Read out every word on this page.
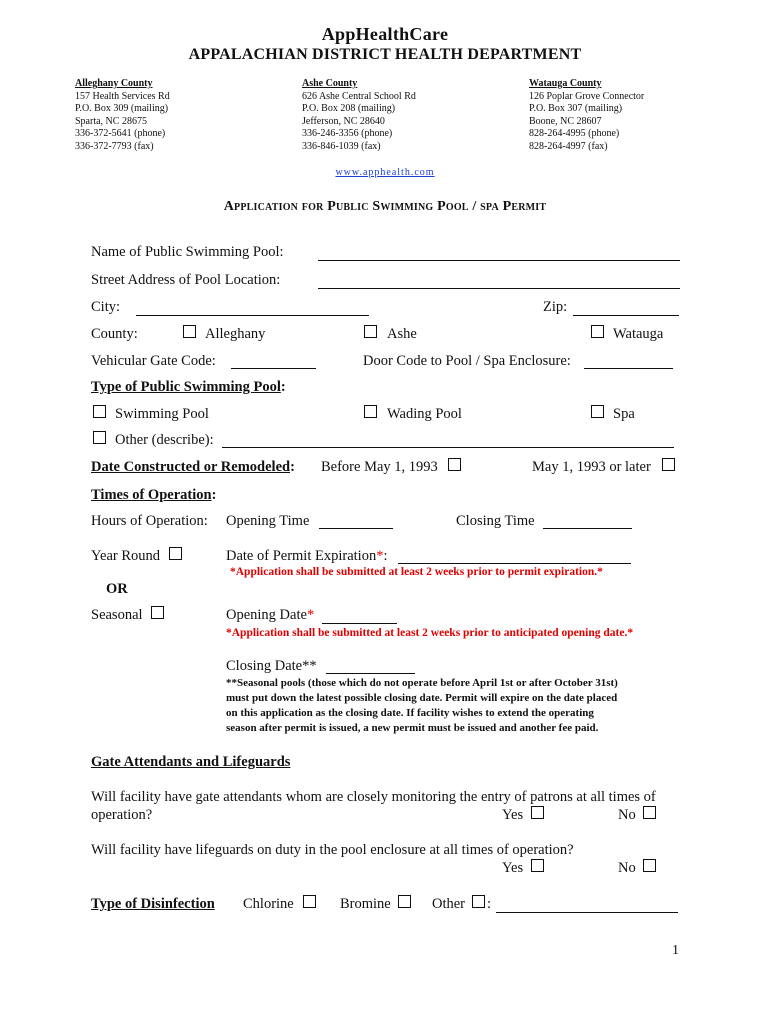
AppHealthCare
APPALACHIAN DISTRICT HEALTH DEPARTMENT
Alleghany County
157 Health Services Rd
P.O. Box 309 (mailing)
Sparta, NC 28675
336-372-5641 (phone)
336-372-7793 (fax)
Ashe County
626 Ashe Central School Rd
P.O. Box 208 (mailing)
Jefferson, NC 28640
336-246-3356 (phone)
336-846-1039 (fax)
Watauga County
126 Poplar Grove Connector
P.O. Box 307 (mailing)
Boone, NC 28607
828-264-4995 (phone)
828-264-4997 (fax)
www.apphealth.com
Application for Public Swimming Pool / spa Permit
Name of Public Swimming Pool:
Street Address of Pool Location:
City:	Zip:
County:	Alleghany	Ashe	Watauga
Vehicular Gate Code:	Door Code to Pool / Spa Enclosure:
Type of Public Swimming Pool:
Swimming Pool	Wading Pool	Spa
Other (describe):
Date Constructed or Remodeled: Before May 1, 1993	May 1, 1993 or later
Times of Operation:
Hours of Operation: Opening Time	Closing Time
Year Round	Date of Permit Expiration*:
*Application shall be submitted at least 2 weeks prior to permit expiration.*
OR
Seasonal	Opening Date*
*Application shall be submitted at least 2 weeks prior to anticipated opening date.*
Closing Date**
**Seasonal pools (those which do not operate before April 1st or after October 31st)
must put down the latest possible closing date. Permit will expire on the date placed
on this application as the closing date. If facility wishes to extend the operating
season after permit is issued, a new permit must be issued and another fee paid.
Gate Attendants and Lifeguards
Will facility have gate attendants whom are closely monitoring the entry of patrons at all times of
operation?	Yes	No
Will facility have lifeguards on duty in the pool enclosure at all times of operation?
Yes	No
Type of Disinfection Chlorine	Bromine	Other :
1
